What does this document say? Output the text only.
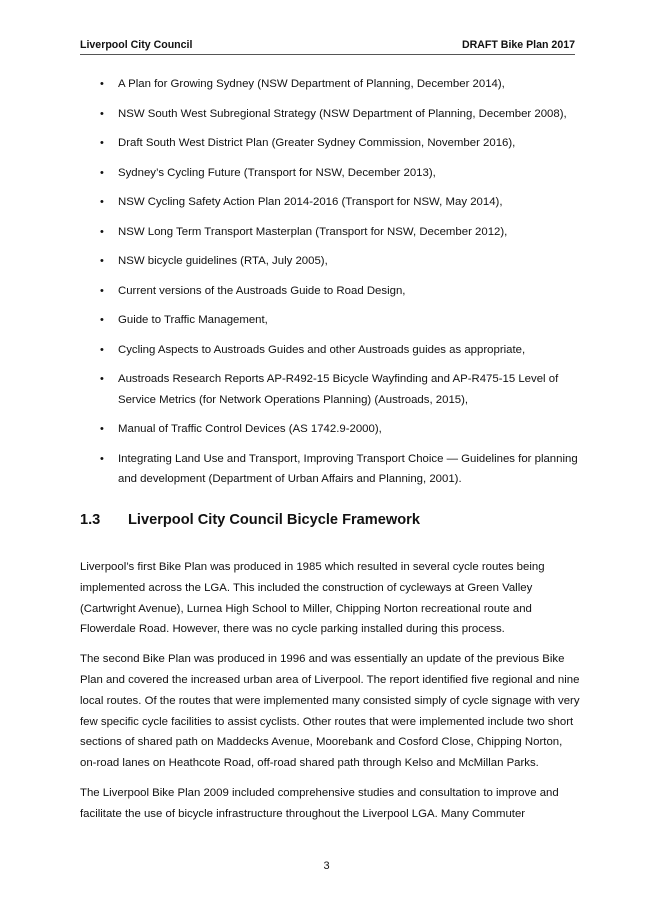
Liverpool City Council	DRAFT Bike Plan 2017
• A Plan for Growing Sydney (NSW Department of Planning, December 2014),
• NSW South West Subregional Strategy (NSW Department of Planning, December 2008),
• Draft South West District Plan (Greater Sydney Commission, November 2016),
• Sydney’s Cycling Future (Transport for NSW, December 2013),
• NSW Cycling Safety Action Plan 2014-2016 (Transport for NSW, May 2014),
• NSW Long Term Transport Masterplan (Transport for NSW, December 2012),
• NSW bicycle guidelines (RTA, July 2005),
• Current versions of the Austroads Guide to Road Design,
• Guide to Traffic Management,
• Cycling Aspects to Austroads Guides and other Austroads guides as appropriate,
• Austroads Research Reports AP-R492-15 Bicycle Wayfinding and AP-R475-15 Level of Service Metrics (for Network Operations Planning) (Austroads, 2015),
• Manual of Traffic Control Devices (AS 1742.9-2000),
• Integrating Land Use and Transport, Improving Transport Choice — Guidelines for planning and development (Department of Urban Affairs and Planning, 2001).
1.3 Liverpool City Council Bicycle Framework

Liverpool’s first Bike Plan was produced in 1985 which resulted in several cycle routes being implemented across the LGA. This included the construction of cycleways at Green Valley (Cartwright Avenue), Lurnea High School to Miller, Chipping Norton recreational route and Flowerdale Road. However, there was no cycle parking installed during this process.

The second Bike Plan was produced in 1996 and was essentially an update of the previous Bike Plan and covered the increased urban area of Liverpool. The report identified five regional and nine local routes. Of the routes that were implemented many consisted simply of cycle signage with very few specific cycle facilities to assist cyclists. Other routes that were implemented include two short sections of shared path on Maddecks Avenue, Moorebank and Cosford Close, Chipping Norton, on-road lanes on Heathcote Road, off-road shared path through Kelso and McMillan Parks.

The Liverpool Bike Plan 2009 included comprehensive studies and consultation to improve and facilitate the use of bicycle infrastructure throughout the Liverpool LGA. Many Commuter

3
